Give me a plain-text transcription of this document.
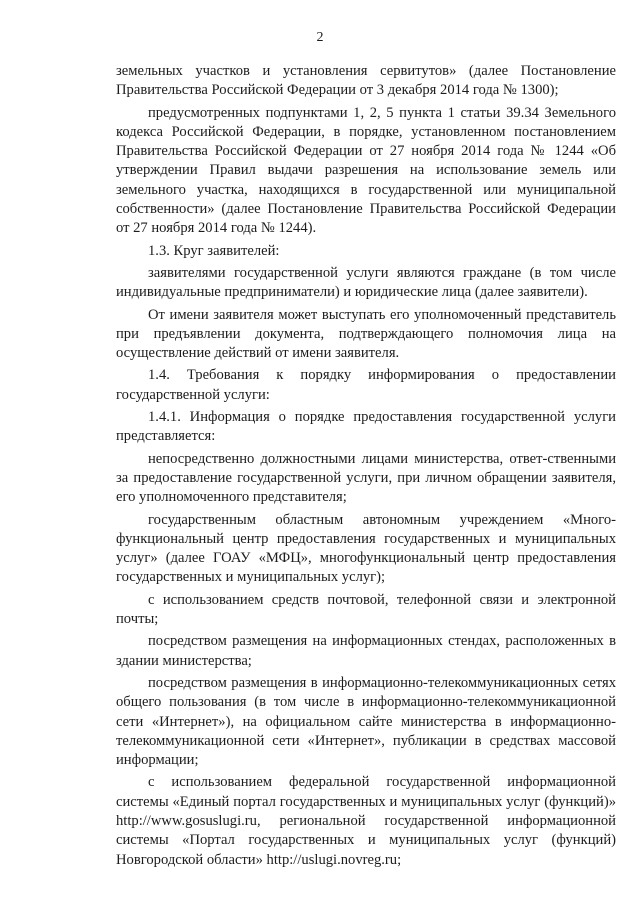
2

земельных участков и установления сервитутов» (далее Постановление Правительства Российской Федерации от 3 декабря 2014 года № 1300);

предусмотренных подпунктами 1, 2, 5 пункта 1 статьи 39.34 Земельного кодекса Российской Федерации, в порядке, установленном постановлением Правительства Российской Федерации от 27 ноября 2014 года № 1244 «Об утверждении Правил выдачи разрешения на использование земель или земельного участка, находящихся в государственной или муниципальной собственности» (далее Постановление Правительства Российской Федерации от 27 ноября 2014 года № 1244).

1.3. Круг заявителей:

заявителями государственной услуги являются граждане (в том числе индивидуальные предприниматели) и юридические лица (далее заявители).

От имени заявителя может выступать его уполномоченный представитель при предъявлении документа, подтверждающего полномочия лица на осуществление действий от имени заявителя.

1.4. Требования к порядку информирования о предоставлении государственной услуги:

1.4.1. Информация о порядке предоставления государственной услуги представляется:

непосредственно должностными лицами министерства, ответ-ственными за предоставление государственной услуги, при личном обращении заявителя, его уполномоченного представителя;

государственным областным автономным учреждением «Много-функциональный центр предоставления государственных и муниципальных услуг» (далее ГОАУ «МФЦ», многофункциональный центр предоставления государственных и муниципальных услуг);

с использованием средств почтовой, телефонной связи и электронной почты;

посредством размещения на информационных стендах, расположенных в здании министерства;

посредством размещения в информационно-телекоммуникационных сетях общего пользования (в том числе в информационно-телекоммуникационной сети «Интернет»), на официальном сайте министерства в информационно-телекоммуникационной сети «Интернет», публикации в средствах массовой информации;

с использованием федеральной государственной информационной системы «Единый портал государственных и муниципальных услуг (функций)» http://www.gosuslugi.ru, региональной государственной информационной системы «Портал государственных и муниципальных услуг (функций) Новгородской области» http://uslugi.novreg.ru;
